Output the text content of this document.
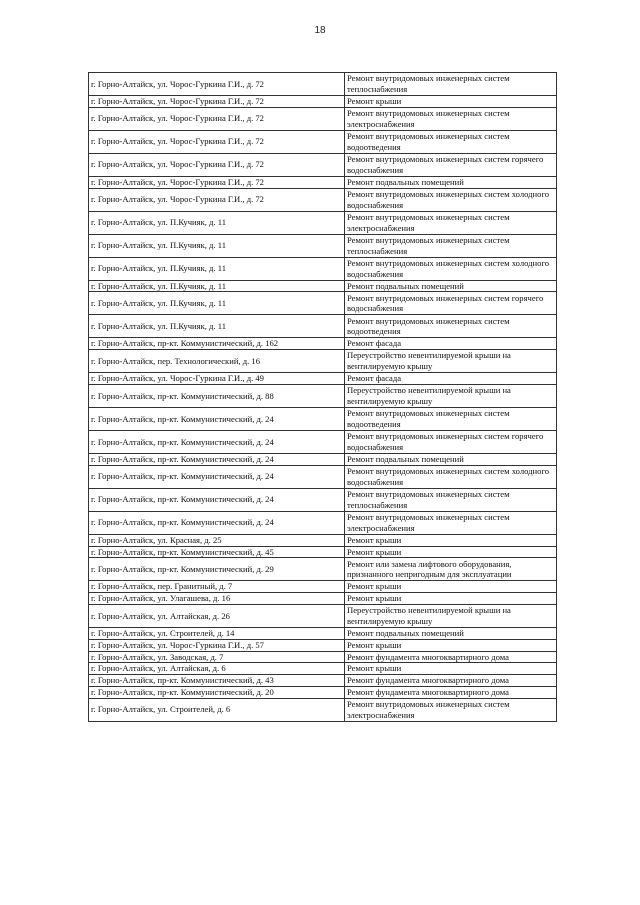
18
г. Горно-Алтайск, ул. Чорос-Гуркина Г.И., д. 72	Ремонт внутридомовых инженерных систем теплоснабжения
г. Горно-Алтайск, ул. Чорос-Гуркина Г.И., д. 72	Ремонт крыши
г. Горно-Алтайск, ул. Чорос-Гуркина Г.И., д. 72	Ремонт внутридомовых инженерных систем электроснабжения
г. Горно-Алтайск, ул. Чорос-Гуркина Г.И., д. 72	Ремонт внутридомовых инженерных систем водоотведения
г. Горно-Алтайск, ул. Чорос-Гуркина Г.И., д. 72	Ремонт внутридомовых инженерных систем горячего водоснабжения
г. Горно-Алтайск, ул. Чорос-Гуркина Г.И., д. 72	Ремонт подвальных помещений
г. Горно-Алтайск, ул. Чорос-Гуркина Г.И., д. 72	Ремонт внутридомовых инженерных систем холодного водоснабжения
г. Горно-Алтайск, ул. П.Кучияк, д. 11	Ремонт внутридомовых инженерных систем электроснабжения
г. Горно-Алтайск, ул. П.Кучияк, д. 11	Ремонт внутридомовых инженерных систем теплоснабжения
г. Горно-Алтайск, ул. П.Кучияк, д. 11	Ремонт внутридомовых инженерных систем холодного водоснабжения
г. Горно-Алтайск, ул. П.Кучияк, д. 11	Ремонт подвальных помещений
г. Горно-Алтайск, ул. П.Кучияк, д. 11	Ремонт внутридомовых инженерных систем горячего водоснабжения
г. Горно-Алтайск, ул. П.Кучияк, д. 11	Ремонт внутридомовых инженерных систем водоотведения
г. Горно-Алтайск, пр-кт. Коммунистический, д. 162	Ремонт фасада
г. Горно-Алтайск, пер. Технологический, д. 16	Переустройство невентилируемой крыши на вентилируемую крышу
г. Горно-Алтайск, ул. Чорос-Гуркина Г.И., д. 49	Ремонт фасада
г. Горно-Алтайск, пр-кт. Коммунистический, д. 88	Переустройство невентилируемой крыши на вентилируемую крышу
г. Горно-Алтайск, пр-кт. Коммунистический, д. 24	Ремонт внутридомовых инженерных систем водоотведения
г. Горно-Алтайск, пр-кт. Коммунистический, д. 24	Ремонт внутридомовых инженерных систем горячего водоснабжения
г. Горно-Алтайск, пр-кт. Коммунистический, д. 24	Ремонт подвальных помещений
г. Горно-Алтайск, пр-кт. Коммунистический, д. 24	Ремонт внутридомовых инженерных систем холодного водоснабжения
г. Горно-Алтайск, пр-кт. Коммунистический, д. 24	Ремонт внутридомовых инженерных систем теплоснабжения
г. Горно-Алтайск, пр-кт. Коммунистический, д. 24	Ремонт внутридомовых инженерных систем электроснабжения
г. Горно-Алтайск, ул. Красная, д. 25	Ремонт крыши
г. Горно-Алтайск, пр-кт. Коммунистический, д. 45	Ремонт крыши
г. Горно-Алтайск, пр-кт. Коммунистический, д. 29	Ремонт или замена лифтового оборудования, признанного непригодным для эксплуатации
г. Горно-Алтайск, пер. Гранитный, д. 7	Ремонт крыши
г. Горно-Алтайск, ул. Улагашева, д. 16	Ремонт крыши
г. Горно-Алтайск, ул. Алтайская, д. 26	Переустройство невентилируемой крыши на вентилируемую крышу
г. Горно-Алтайск, ул. Строителей, д. 14	Ремонт подвальных помещений
г. Горно-Алтайск, ул. Чорос-Гуркина Г.И., д. 57	Ремонт крыши
г. Горно-Алтайск, ул. Заводская, д. 7	Ремонт фундамента многоквартирного дома
г. Горно-Алтайск, ул. Алтайская, д. 6	Ремонт крыши
г. Горно-Алтайск, пр-кт. Коммунистический, д. 43	Ремонт фундамента многоквартирного дома
г. Горно-Алтайск, пр-кт. Коммунистический, д. 20	Ремонт фундамента многоквартирного дома
г. Горно-Алтайск, ул. Строителей, д. 6	Ремонт внутридомовых инженерных систем электроснабжения
